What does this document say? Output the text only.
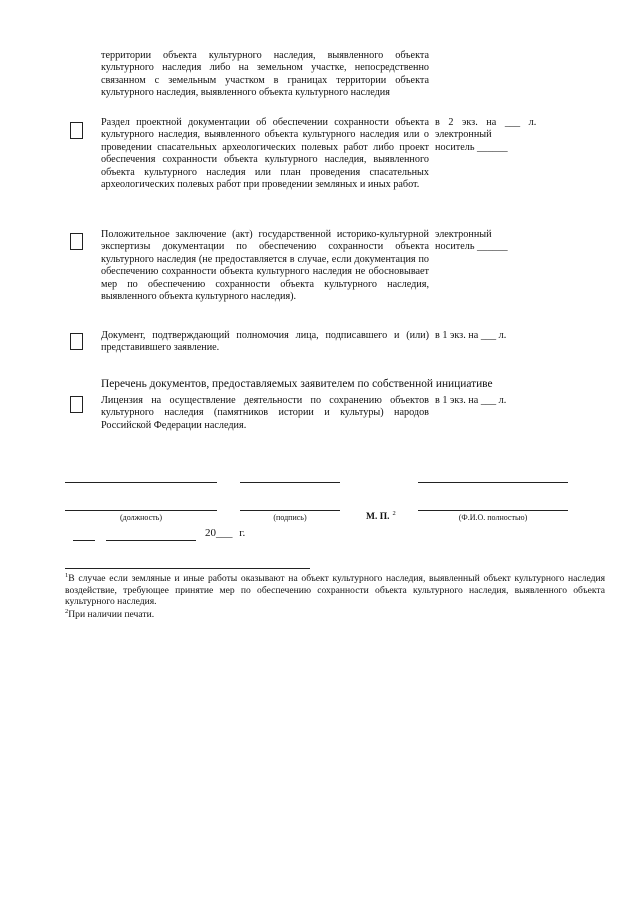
территории объекта культурного наследия, выявленного объекта культурного наследия либо на земельном участке, непосредственно связанном с земельным участком в границах территории объекта культурного наследия, выявленного объекта культурного наследия
Раздел проектной документации об обеспечении сохранности объекта культурного наследия, выявленного объекта культурного наследия или о проведении спасательных археологических полевых работ либо проект обеспечения сохранности объекта культурного наследия, выявленного объекта культурного наследия или план проведения спасательных археологических полевых работ при проведении земляных и иных работ.
в 2 экз. на ___ л.
электронный
носитель ______
Положительное заключение (акт) государственной историко-культурной экспертизы документации по обеспечению сохранности объекта культурного наследия (не предоставляется в случае, если документация по обеспечению сохранности объекта культурного наследия не обосновывает мер по обеспечению сохранности объекта культурного наследия, выявленного объекта культурного наследия).
электронный
носитель ______
Документ, подтверждающий полномочия лица, подписавшего и (или) представившего заявление.
в 1 экз. на ___ л.
Перечень документов, предоставляемых заявителем по собственной инициативе
Лицензия на осуществление деятельности по сохранению объектов культурного наследия (памятников истории и культуры) народов Российской Федерации наследия.
в 1 экз. на ___ л.
(должность)	(подпись)	М. П. $^2$	(Ф.И.О. полностью)
20___ г.
$^1$В случае если земляные и иные работы оказывают на объект культурного наследия, выявленный объект культурного наследия воздействие, требующее принятие мер по обеспечению сохранности объекта культурного наследия, выявленного объекта культурного наследия.
$^2$При наличии печати.
